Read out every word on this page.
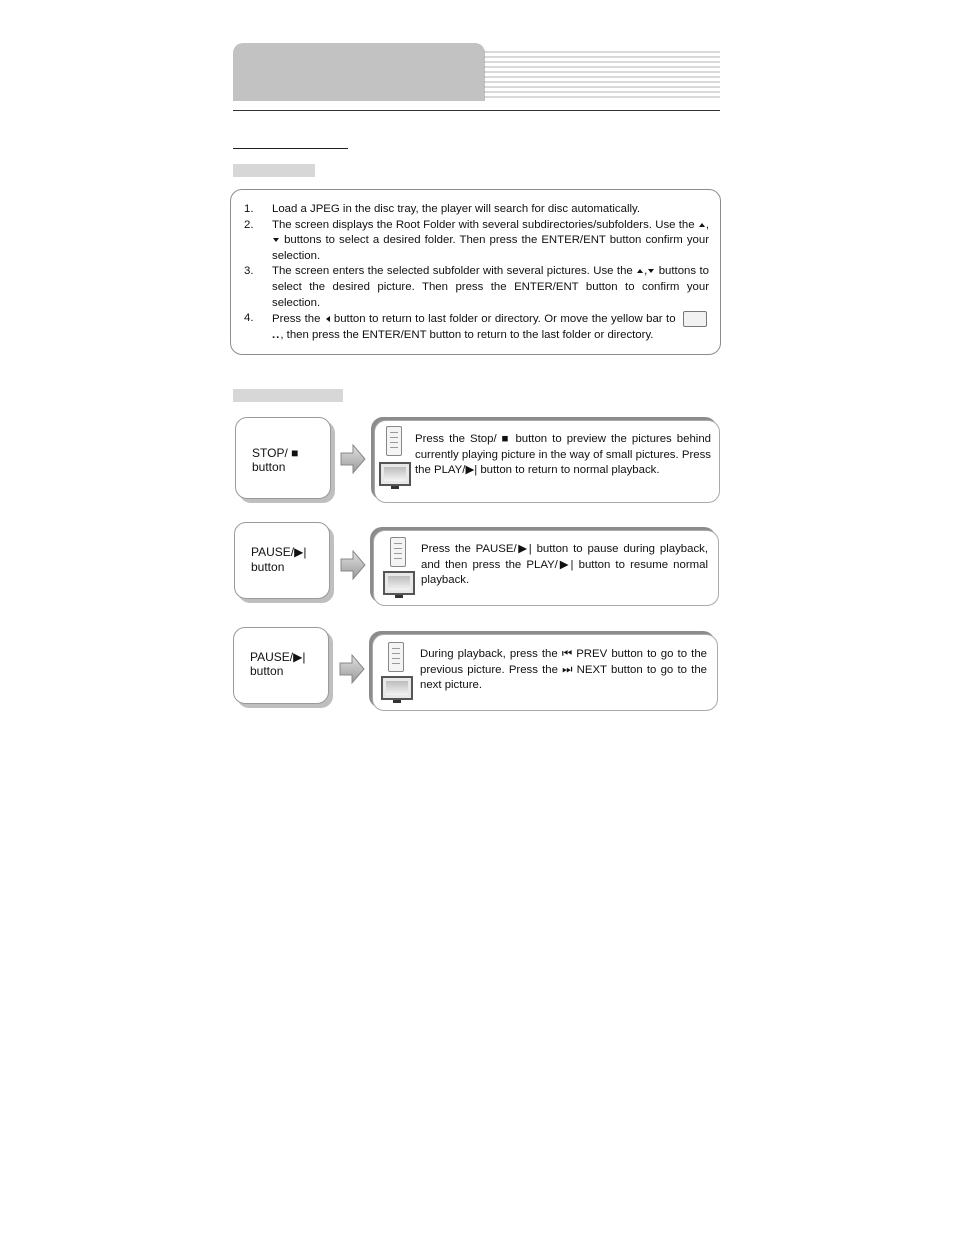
1. Load a JPEG in the disc tray, the player will search for disc automatically.
2. The screen displays the Root Folder with several subdirectories/subfolders. Use the , buttons to select a desired folder. Then press the ENTER/ENT button confirm your selection.
3. The screen enters the selected subfolder with several pictures. Use the , buttons to select the desired picture. Then press the ENTER/ENT button to confirm your selection.
4. Press the button to return to last folder or directory. Or move the yellow bar to .., then press the ENTER/ENT button to return to the last folder or directory.
STOP/ ■
button
Press the Stop/ ■ button to preview the pictures behind currently playing picture in the way of small pictures. Press the PLAY/▶| button to return to normal playback.
PAUSE/▶|
button
Press the PAUSE/▶| button to pause during playback, and then press the PLAY/▶| button to resume normal playback.
PAUSE/▶|
button
During playback, press the ⏮ PREV button to go to the previous picture. Press the ⏭ NEXT button to go to the next picture.
